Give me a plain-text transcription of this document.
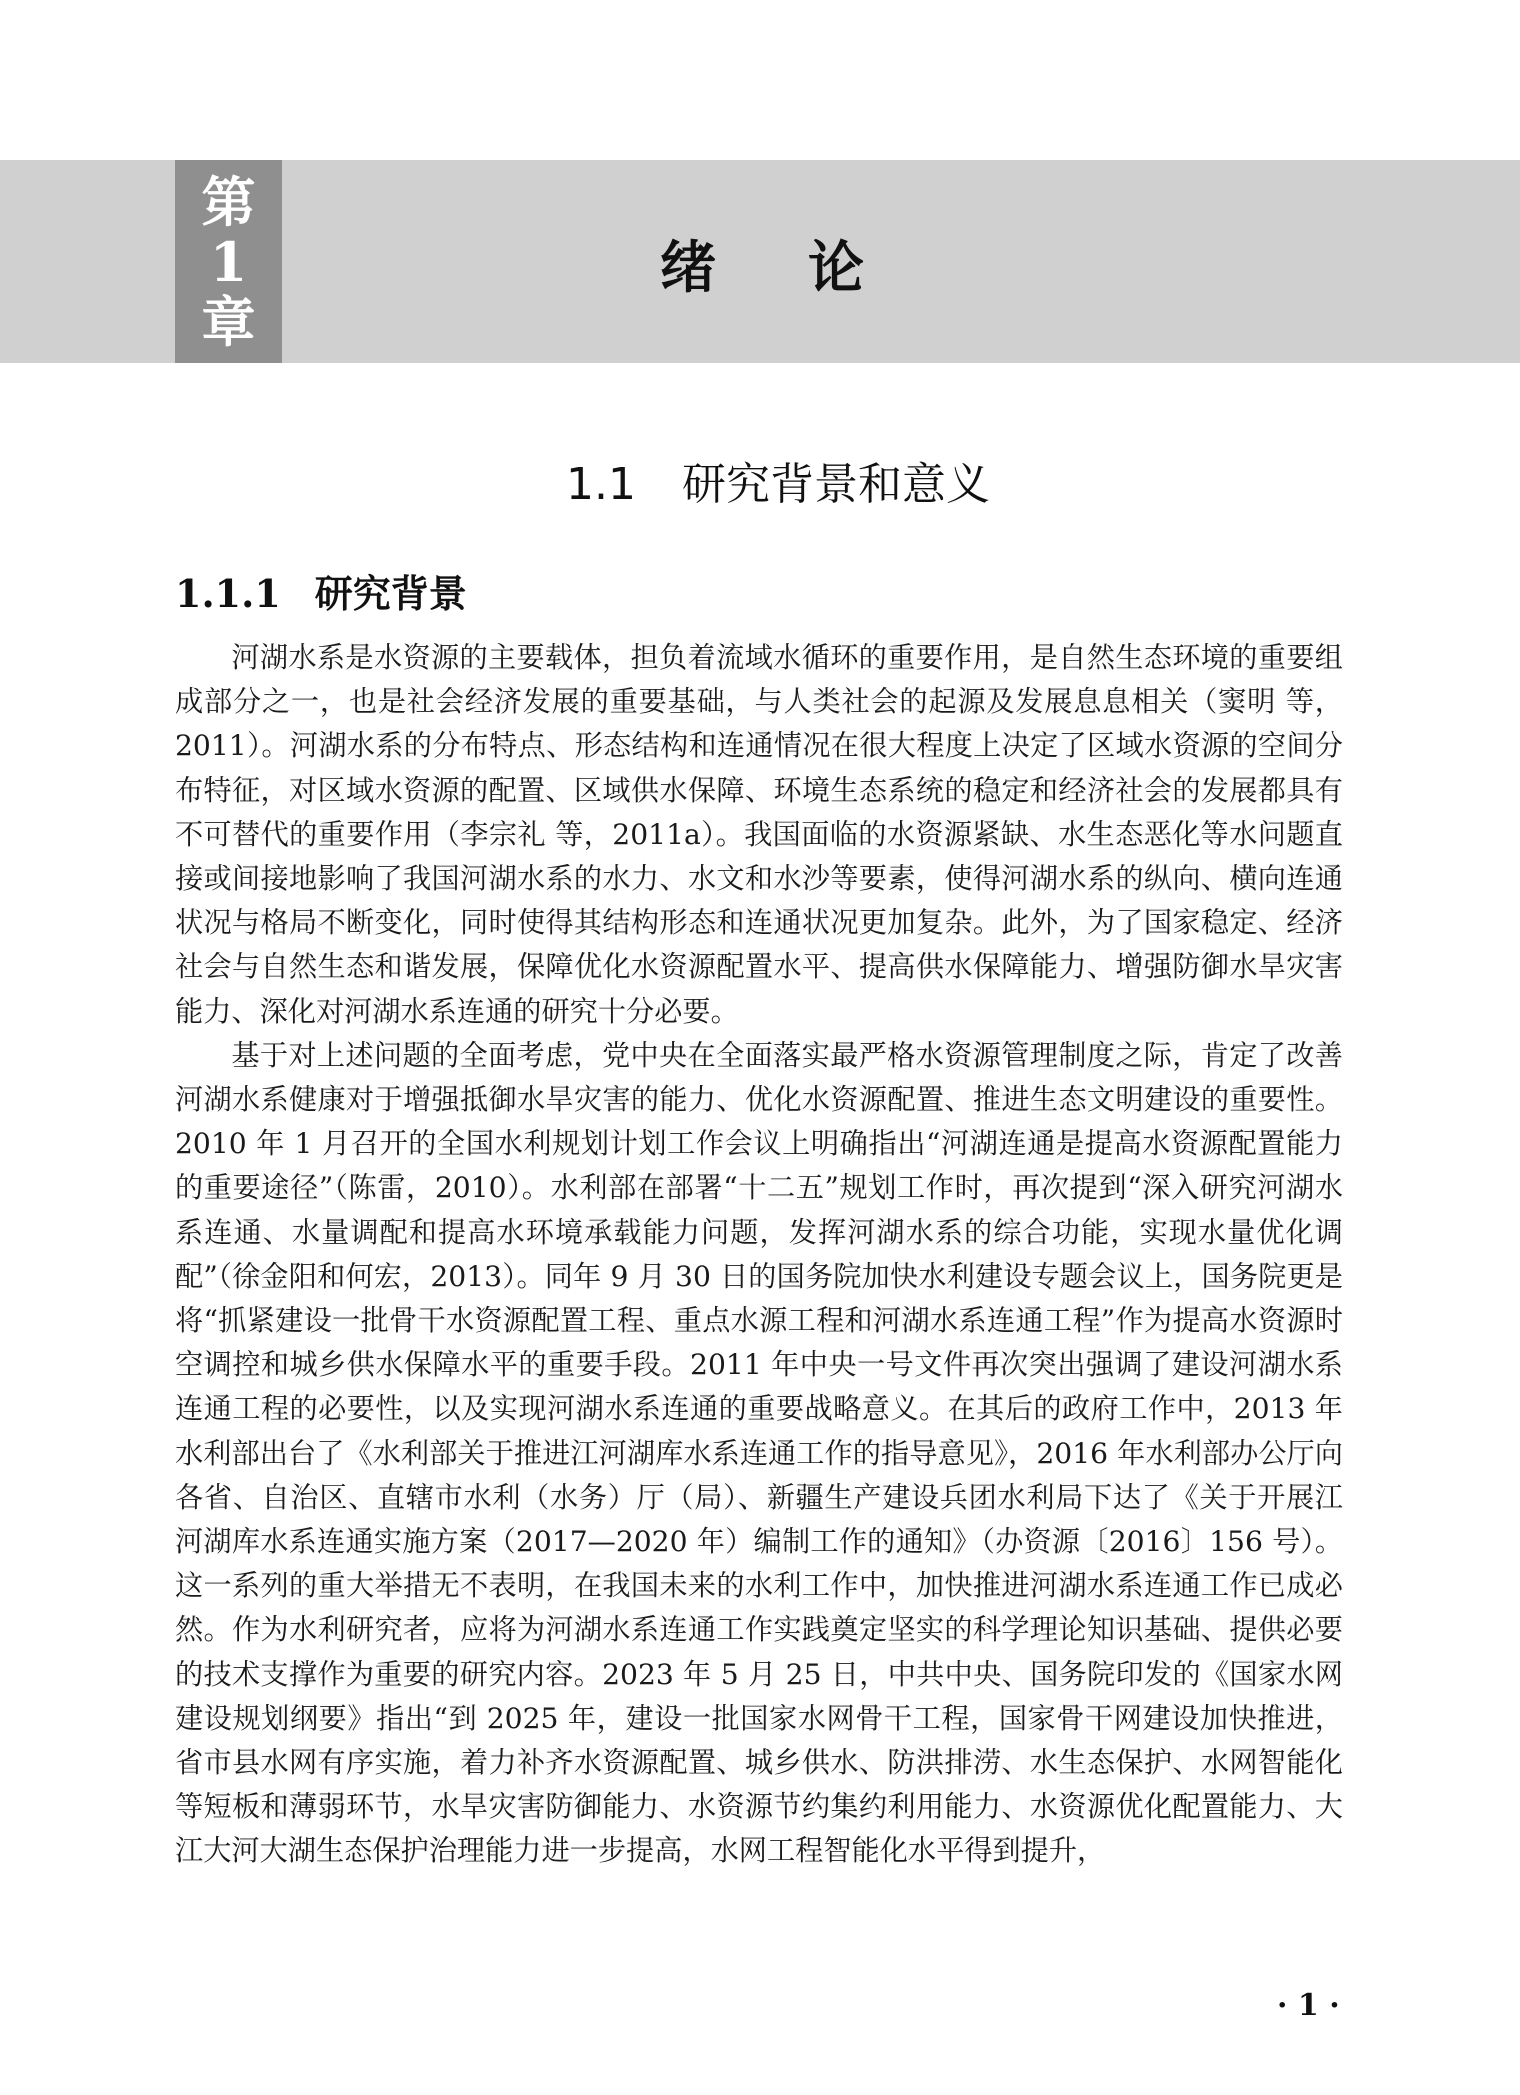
第
1
章
绪论
1.1 研究背景和意义
1.1.1 研究背景

河湖水系是水资源的主要载体，担负着流域水循环的重要作用，是自然生态环境的重要组成部分之一，也是社会经济发展的重要基础，与人类社会的起源及发展息息相关（窦明 等，2011）。河湖水系的分布特点、形态结构和连通情况在很大程度上决定了区域水资源的空间分布特征，对区域水资源的配置、区域供水保障、环境生态系统的稳定和经济社会的发展都具有不可替代的重要作用（李宗礼 等，2011a）。我国面临的水资源紧缺、水生态恶化等水问题直接或间接地影响了我国河湖水系的水力、水文和水沙等要素，使得河湖水系的纵向、横向连通状况与格局不断变化，同时使得其结构形态和连通状况更加复杂。此外，为了国家稳定、经济社会与自然生态和谐发展，保障优化水资源配置水平、提高供水保障能力、增强防御水旱灾害能力、深化对河湖水系连通的研究十分必要。

基于对上述问题的全面考虑，党中央在全面落实最严格水资源管理制度之际，肯定了改善河湖水系健康对于增强抵御水旱灾害的能力、优化水资源配置、推进生态文明建设的重要性。2010 年 1 月召开的全国水利规划计划工作会议上明确指出“河湖连通是提高水资源配置能力的重要途径”（陈雷，2010）。水利部在部署“十二五”规划工作时，再次提到“深入研究河湖水系连通、水量调配和提高水环境承载能力问题，发挥河湖水系的综合功能，实现水量优化调配”（徐金阳和何宏，2013）。同年 9 月 30 日的国务院加快水利建设专题会议上，国务院更是将“抓紧建设一批骨干水资源配置工程、重点水源工程和河湖水系连通工程”作为提高水资源时空调控和城乡供水保障水平的重要手段。2011 年中央一号文件再次突出强调了建设河湖水系连通工程的必要性，以及实现河湖水系连通的重要战略意义。在其后的政府工作中，2013 年水利部出台了《水利部关于推进江河湖库水系连通工作的指导意见》，2016 年水利部办公厅向各省、自治区、直辖市水利（水务）厅（局）、新疆生产建设兵团水利局下达了《关于开展江河湖库水系连通实施方案（2017—2020 年）编制工作的通知》（办资源〔2016〕156 号）。这一系列的重大举措无不表明，在我国未来的水利工作中，加快推进河湖水系连通工作已成必然。作为水利研究者，应将为河湖水系连通工作实践奠定坚实的科学理论知识基础、提供必要的技术支撑作为重要的研究内容。2023 年 5 月 25 日，中共中央、国务院印发的《国家水网建设规划纲要》指出“到 2025 年，建设一批国家水网骨干工程，国家骨干网建设加快推进，省市县水网有序实施，着力补齐水资源配置、城乡供水、防洪排涝、水生态保护、水网智能化等短板和薄弱环节，水旱灾害防御能力、水资源节约集约利用能力、水资源优化配置能力、大江大河大湖生态保护治理能力进一步提高，水网工程智能化水平得到提升，

· 1 ·
